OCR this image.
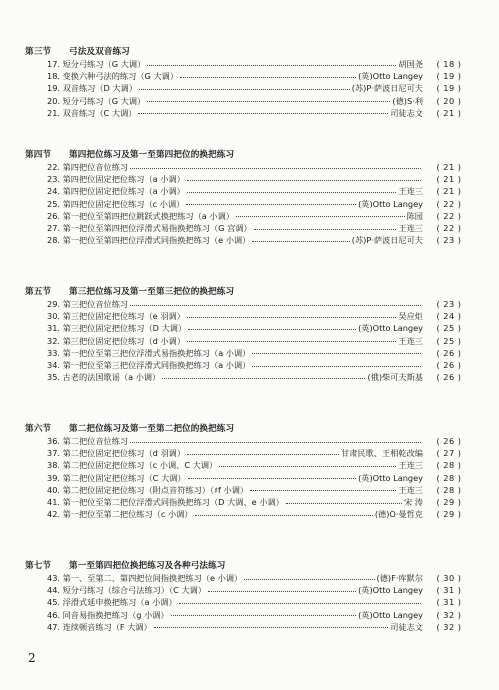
第三节 弓法及双音练习
17. 短分弓练习（G 大调）	胡国尧	( 18 )
18. 变换六种弓法的练习（G 大调）	(英)Otto Langey	( 19 )
19. 双音练习（D 大调）	(苏)P·萨波日尼可夫	( 19 )
20. 短分弓练习（G 大调）	(德)S·利	( 20 )
21. 双音练习（C 大调）	司徒志文	( 21 )
第四节 第四把位练习及第一至第四把位的换把练习
22. 第四把位音位练习	( 21 )
23. 第四把位固定把位练习（a 小调）	( 21 )
24. 第四把位固定把位练习（a 小调）	王连三	( 21 )
25. 第四把位固定把位练习（c 小调）	(英)Otto Langey	( 22 )
26. 第一把位至第四把位跳跃式换把练习（a 小调）	陈园	( 22 )
27. 第一把位至第四把位浮滑式易指换把练习（G 宫调）	王连三	( 22 )
28. 第一把位至第四把位浮滑式同指换把练习（e 小调）	(苏)P·萨波日尼可夫	( 23 )
第五节 第三把位练习及第一至第三把位的换把练习
29. 第三把位音位练习	( 23 )
30. 第三把位固定把位练习（e 羽调）	吴应炬	( 24 )
31. 第三把位固定把位练习（D 大调）	(英)Otto Langey	( 25 )
32. 第三把位固定把位练习（d 小调）	王连三	( 25 )
33. 第一把位至第三把位浮滑式易指换把练习（a 小调）	( 26 )
34. 第一把位至第三把位浮滑式同指换把练习（a 小调）	( 26 )
35. 古老的法国歌谣（a 小调）	(俄)柴可夫斯基	( 26 )
第六节 第二把位练习及第一至第二把位的换把练习
36. 第二把位音位练习	( 26 )
37. 第二把位固定把位练习（d 羽调）	甘肃民歌、王相乾改编	( 27 )
38. 第二把位固定把位练习（c 小调、C 大调）	王连三	( 28 )
39. 第二把位固定把位练习（C 大调）	(英)Otto Langey	( 28 )
40. 第二把位固定把位练习（附点音符练习）（♯f 小调）	王连三	( 28 )
41. 第一把位至第二把位浮滑式同指换把练习（D 大调、e 小调）	宋 涛	( 29 )
42. 第一把位至第二把位练习（c 小调）	(德)O·曼哲克	( 29 )
第七节 第一至第四把位换把练习及各种弓法练习
43. 第一、至第二、第四把位间指换把练习（e 小调）	(德)F·库默尔	( 30 )
44. 短分弓练习（综合弓法练习）（C 大调）	(英)Otto Langey	( 31 )
45. 浮滑式延申换把练习（a 小调）	( 31 )
46. 同音易指换把练习（g 小调）	(英)Otto Langey	( 32 )
47. 连续顿音练习（F 大调）	司徒志文	( 32 )
2
